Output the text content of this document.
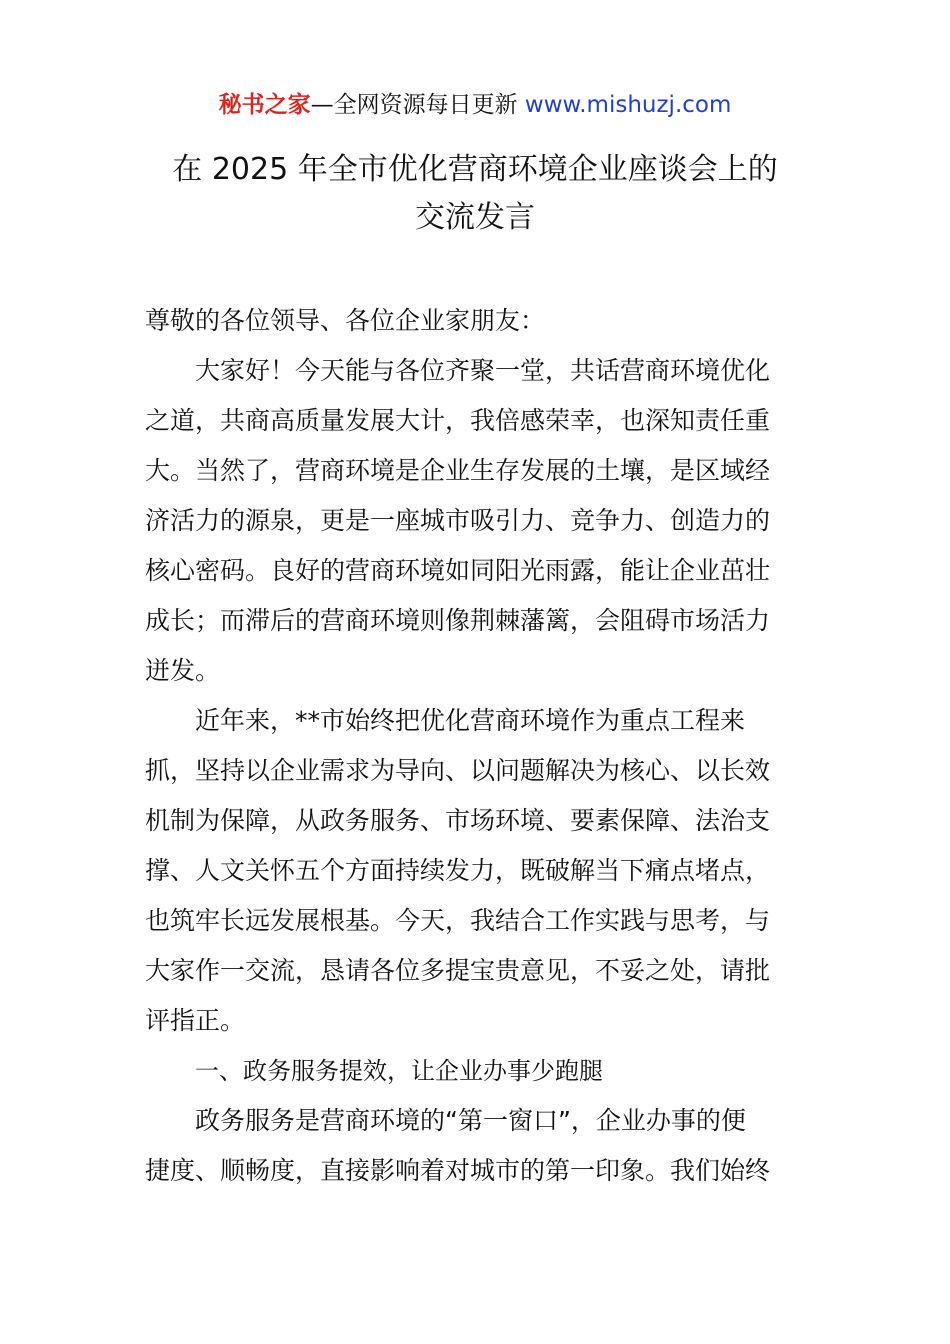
秘书之家—全网资源每日更新 www.mishuzj.com
在 2025 年全市优化营商环境企业座谈会上的
交流发言

尊敬的各位领导、各位企业家朋友：

大家好！今天能与各位齐聚一堂，共话营商环境优化
之道，共商高质量发展大计，我倍感荣幸，也深知责任重
大。当然了，营商环境是企业生存发展的土壤，是区域经
济活力的源泉，更是一座城市吸引力、竞争力、创造力的
核心密码。良好的营商环境如同阳光雨露，能让企业茁壮
成长；而滞后的营商环境则像荆棘藩篱，会阻碍市场活力
迸发。

近年来，**市始终把优化营商环境作为重点工程来
抓，坚持以企业需求为导向、以问题解决为核心、以长效
机制为保障，从政务服务、市场环境、要素保障、法治支
撑、人文关怀五个方面持续发力，既破解当下痛点堵点，
也筑牢长远发展根基。今天，我结合工作实践与思考，与
大家作一交流，恳请各位多提宝贵意见，不妥之处，请批
评指正。

一、政务服务提效，让企业办事少跑腿

政务服务是营商环境的“第一窗口”，企业办事的便
捷度、顺畅度，直接影响着对城市的第一印象。我们始终
